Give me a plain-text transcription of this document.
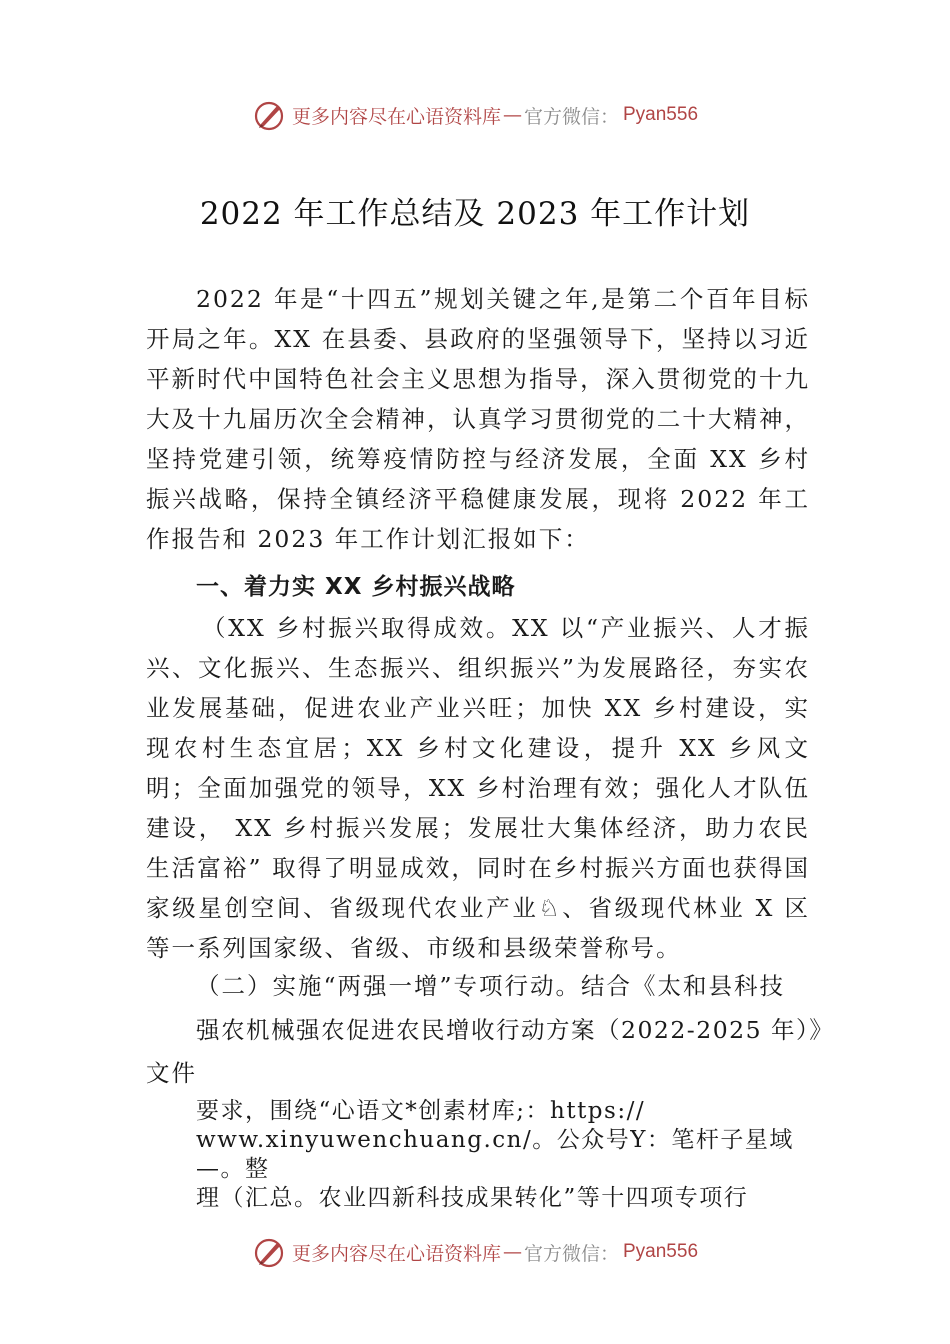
更多内容尽在心语资料库 — 官方微信： Pyan556
2022 年工作总结及 2023 年工作计划

2022 年是“十四五”规划关键之年,是第二个百年目标开局之年。XX 在县委、县政府的坚强领导下，坚持以习近平新时代中国特色社会主义思想为指导，深入贯彻党的十九大及十九届历次全会精神，认真学习贯彻党的二十大精神，坚持党建引领，统筹疫情防控与经济发展，全面 XX 乡村振兴战略，保持全镇经济平稳健康发展，现将 2022 年工作报告和 2023 年工作计划汇报如下：

一、着力实 XX 乡村振兴战略

（XX 乡村振兴取得成效。XX 以“产业振兴、人才振兴、文化振兴、生态振兴、组织振兴”为发展路径，夯实农业发展基础，促进农业产业兴旺；加快 XX 乡村建设，实现农村生态宜居；XX 乡村文化建设，提升 XX 乡风文明；全面加强党的领导，XX 乡村治理有效；强化人才队伍建设， XX 乡村振兴发展；发展壮大集体经济，助力农民生活富裕” 取得了明显成效，同时在乡村振兴方面也获得国家级星创空间、省级现代农业产业♘、省级现代林业 X 区等一系列国家级、省级、市级和县级荣誉称号。

（二）实施“两强一增”专项行动。结合《太和县科技
强农机械强农促进农民增收行动方案（2022-2025 年）》
文件
要求，围绕“心语文*创素材库;：https://
www.xinyuwenchuang.cn/。公众号Y：笔杆子星域—。整
理（汇总。农业四新科技成果转化”等十四项专项行
更多内容尽在心语资料库 — 官方微信： Pyan556
